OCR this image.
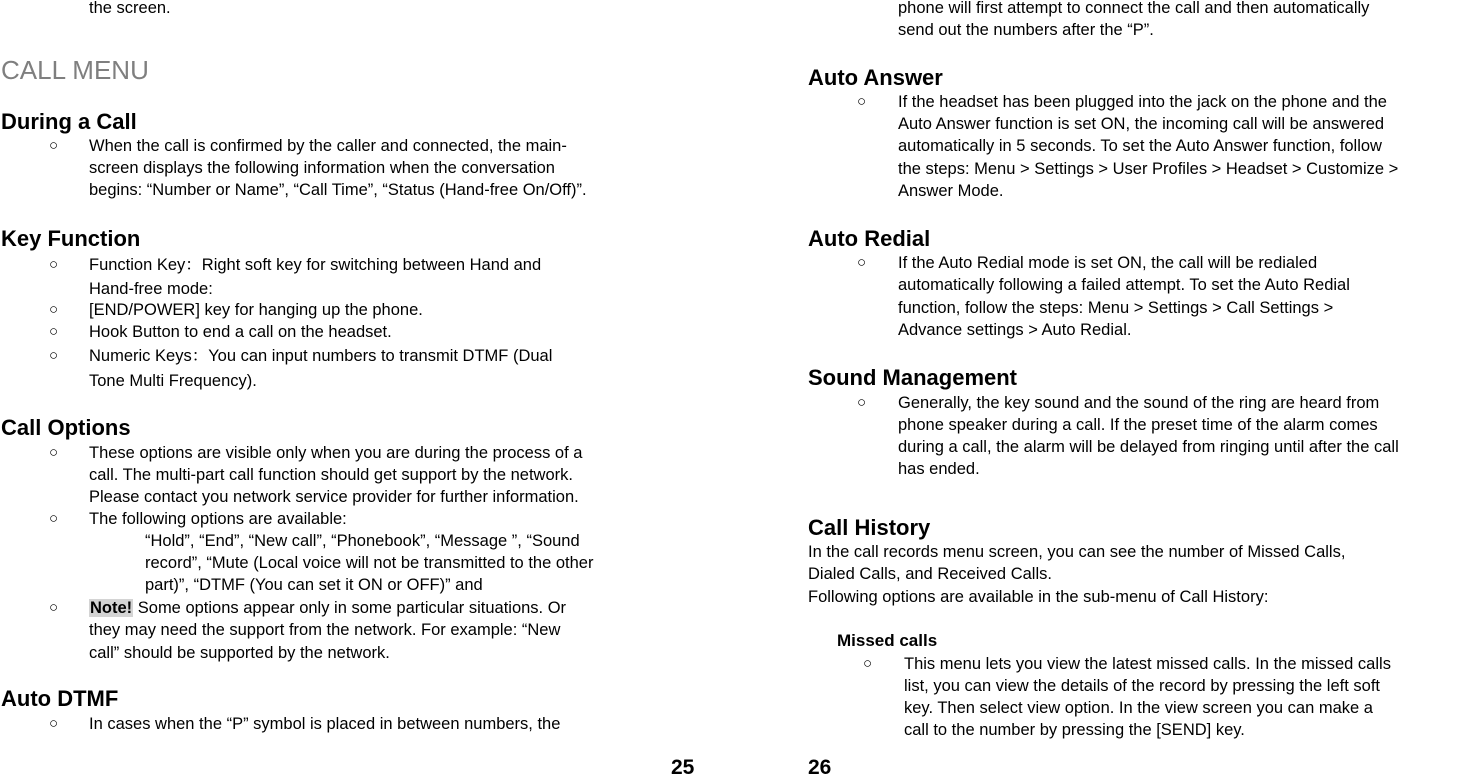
the screen.
CALL MENU
During a Call
○ When the call is confirmed by the caller and connected, the main-
screen displays the following information when the conversation
begins: “Number or Name”, “Call Time”, “Status (Hand-free On/Off)”.
Key Function
○ Function Key：Right soft key for switching between Hand and
Hand-free mode:
○ [END/POWER] key for hanging up the phone.
○ Hook Button to end a call on the headset.
○ Numeric Keys：You can input numbers to transmit DTMF (Dual
Tone Multi Frequency).
Call Options
○ These options are visible only when you are during the process of a
call. The multi-part call function should get support by the network.
Please contact you network service provider for further information.
○ The following options are available:
“Hold”, “End”, “New call”, “Phonebook”, “Message ”, “Sound
record”, “Mute (Local voice will not be transmitted to the other
part)”, “DTMF (You can set it ON or OFF)” and
○ Note! Some options appear only in some particular situations. Or
they may need the support from the network. For example: “New
call” should be supported by the network.
Auto DTMF
○ In cases when the “P” symbol is placed in between numbers, the
25
phone will first attempt to connect the call and then automatically
send out the numbers after the “P”.
Auto Answer
○ If the headset has been plugged into the jack on the phone and the
Auto Answer function is set ON, the incoming call will be answered
automatically in 5 seconds. To set the Auto Answer function, follow
the steps: Menu > Settings > User Profiles > Headset > Customize >
Answer Mode.
Auto Redial
○ If the Auto Redial mode is set ON, the call will be redialed
automatically following a failed attempt. To set the Auto Redial
function, follow the steps: Menu > Settings > Call Settings >
Advance settings > Auto Redial.
Sound Management
○ Generally, the key sound and the sound of the ring are heard from
phone speaker during a call. If the preset time of the alarm comes
during a call, the alarm will be delayed from ringing until after the call
has ended.
Call History
In the call records menu screen, you can see the number of Missed Calls,
Dialed Calls, and Received Calls.
Following options are available in the sub-menu of Call History:
Missed calls
○ This menu lets you view the latest missed calls. In the missed calls
list, you can view the details of the record by pressing the left soft
key. Then select view option. In the view screen you can make a
call to the number by pressing the [SEND] key.
26
